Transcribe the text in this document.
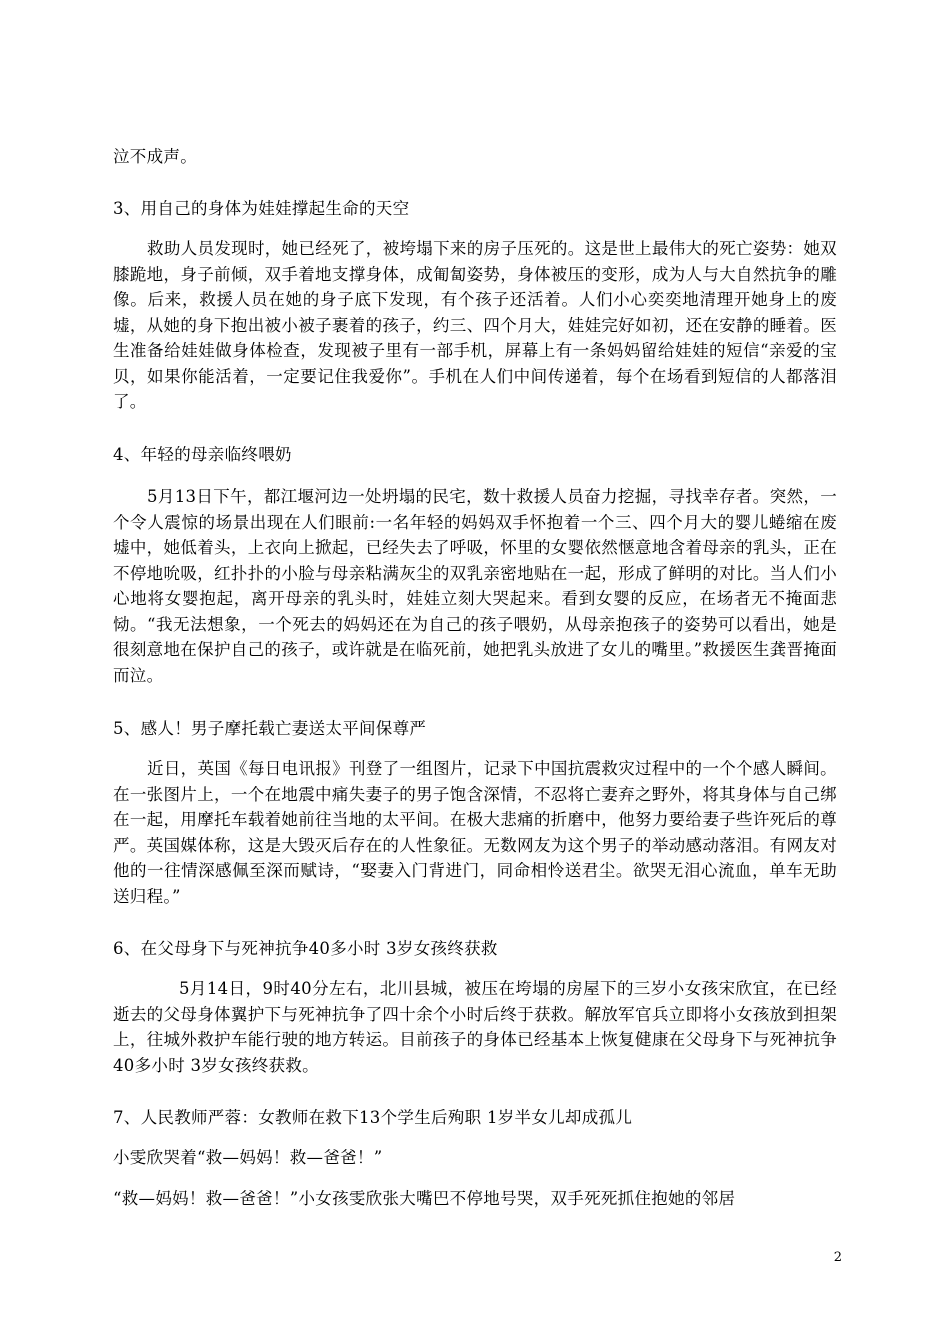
泣不成声。

3、用自己的身体为娃娃撑起生命的天空

救助人员发现时，她已经死了，被垮塌下来的房子压死的。这是世上最伟大的死亡姿势：她双膝跪地，身子前倾，双手着地支撑身体，成匍匐姿势，身体被压的变形，成为人与大自然抗争的雕像。后来，救援人员在她的身子底下发现，有个孩子还活着。人们小心奕奕地清理开她身上的废墟，从她的身下抱出被小被子裹着的孩子，约三、四个月大，娃娃完好如初，还在安静的睡着。医生准备给娃娃做身体检查，发现被子里有一部手机，屏幕上有一条妈妈留给娃娃的短信“亲爱的宝贝，如果你能活着，一定要记住我爱你”。手机在人们中间传递着，每个在场看到短信的人都落泪了。

4、年轻的母亲临终喂奶

5月13日下午，都江堰河边一处坍塌的民宅，数十救援人员奋力挖掘，寻找幸存者。突然，一个令人震惊的场景出现在人们眼前:一名年轻的妈妈双手怀抱着一个三、四个月大的婴儿蜷缩在废墟中，她低着头，上衣向上掀起，已经失去了呼吸，怀里的女婴依然惬意地含着母亲的乳头，正在不停地吮吸，红扑扑的小脸与母亲粘满灰尘的双乳亲密地贴在一起，形成了鲜明的对比。当人们小心地将女婴抱起，离开母亲的乳头时，娃娃立刻大哭起来。看到女婴的反应，在场者无不掩面悲恸。“我无法想象，一个死去的妈妈还在为自己的孩子喂奶，从母亲抱孩子的姿势可以看出，她是很刻意地在保护自己的孩子，或许就是在临死前，她把乳头放进了女儿的嘴里。”救援医生龚晋掩面而泣。

5、感人！男子摩托载亡妻送太平间保尊严

近日，英国《每日电讯报》刊登了一组图片，记录下中国抗震救灾过程中的一个个感人瞬间。在一张图片上，一个在地震中痛失妻子的男子饱含深情，不忍将亡妻弃之野外，将其身体与自己绑在一起，用摩托车载着她前往当地的太平间。在极大悲痛的折磨中，他努力要给妻子些许死后的尊严。英国媒体称，这是大毁灭后存在的人性象征。无数网友为这个男子的举动感动落泪。有网友对他的一往情深感佩至深而赋诗，“娶妻入门背进门，同命相怜送君尘。欲哭无泪心流血，单车无助送归程。”

6、在父母身下与死神抗争40多小时 3岁女孩终获救

5月14日，9时40分左右，北川县城，被压在垮塌的房屋下的三岁小女孩宋欣宜，在已经逝去的父母身体翼护下与死神抗争了四十余个小时后终于获救。解放军官兵立即将小女孩放到担架上，往城外救护车能行驶的地方转运。目前孩子的身体已经基本上恢复健康在父母身下与死神抗争40多小时 3岁女孩终获救。

7、人民教师严蓉：女教师在救下13个学生后殉职 1岁半女儿却成孤儿

小雯欣哭着“救—妈妈！救—爸爸！”

“救—妈妈！救—爸爸！”小女孩雯欣张大嘴巴不停地号哭，双手死死抓住抱她的邻居

2
